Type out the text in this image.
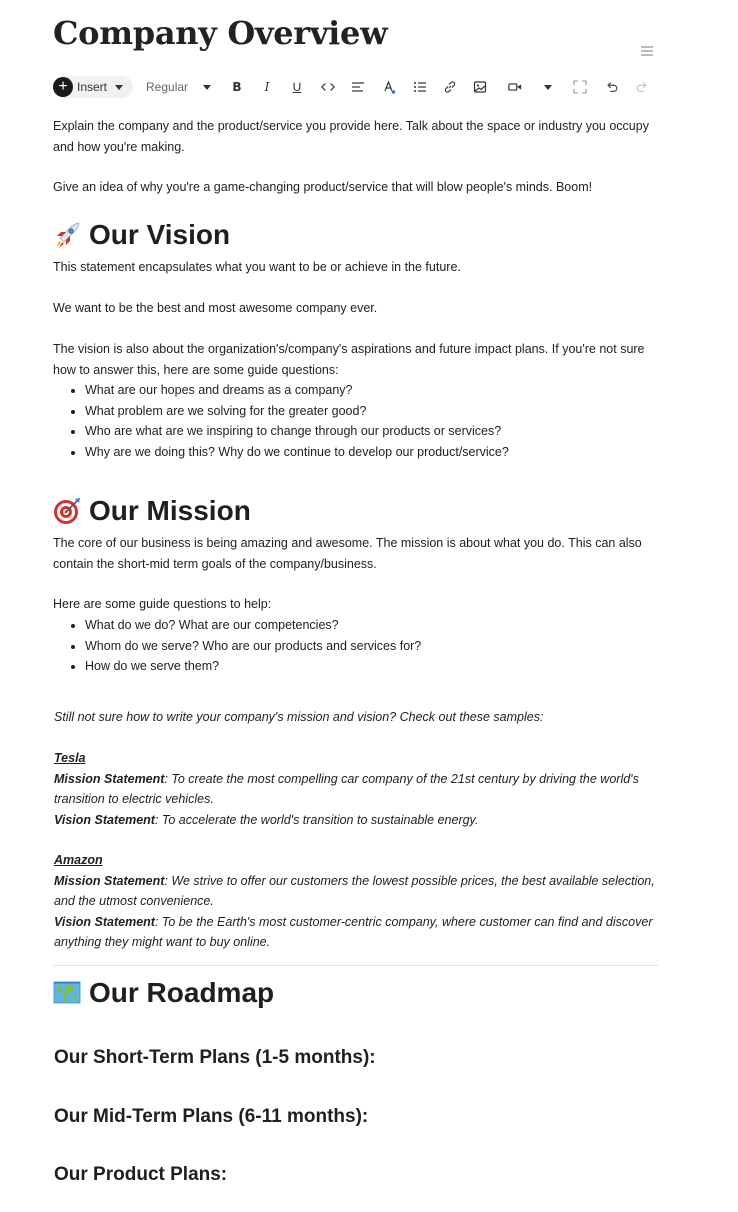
Company Overview
+ Insert	Regular	B	I	U

Explain the company and the product/service you provide here. Talk about the space or industry you occupy and how you're making.

Give an idea of why you're a game-changing product/service that will blow people's minds. Boom!

Our Vision

This statement encapsulates what you want to be or achieve in the future.

We want to be the best and most awesome company ever.

The vision is also about the organization's/company's aspirations and future impact plans. If you're not sure how to answer this, here are some guide questions:

• What are our hopes and dreams as a company?
• What problem are we solving for the greater good?
• Who are what are we inspiring to change through our products or services?
• Why are we doing this? Why do we continue to develop our product/service?
Our Mission

The core of our business is being amazing and awesome. The mission is about what you do. This can also contain the short-mid term goals of the company/business.

Here are some guide questions to help:

• What do we do? What are our competencies?
• Whom do we serve? Who are our products and services for?
• How do we serve them?

Still not sure how to write your company's mission and vision? Check out these samples:

Tesla
Mission Statement: To create the most compelling car company of the 21st century by driving the world's transition to electric vehicles.
Vision Statement: To accelerate the world's transition to sustainable energy.

Amazon
Mission Statement: We strive to offer our customers the lowest possible prices, the best available selection, and the utmost convenience.
Vision Statement: To be the Earth's most customer-centric company, where customer can find and discover anything they might want to buy online.

Our Roadmap
Our Short-Term Plans (1-5 months):
Our Mid-Term Plans (6-11 months):
Our Product Plans:
